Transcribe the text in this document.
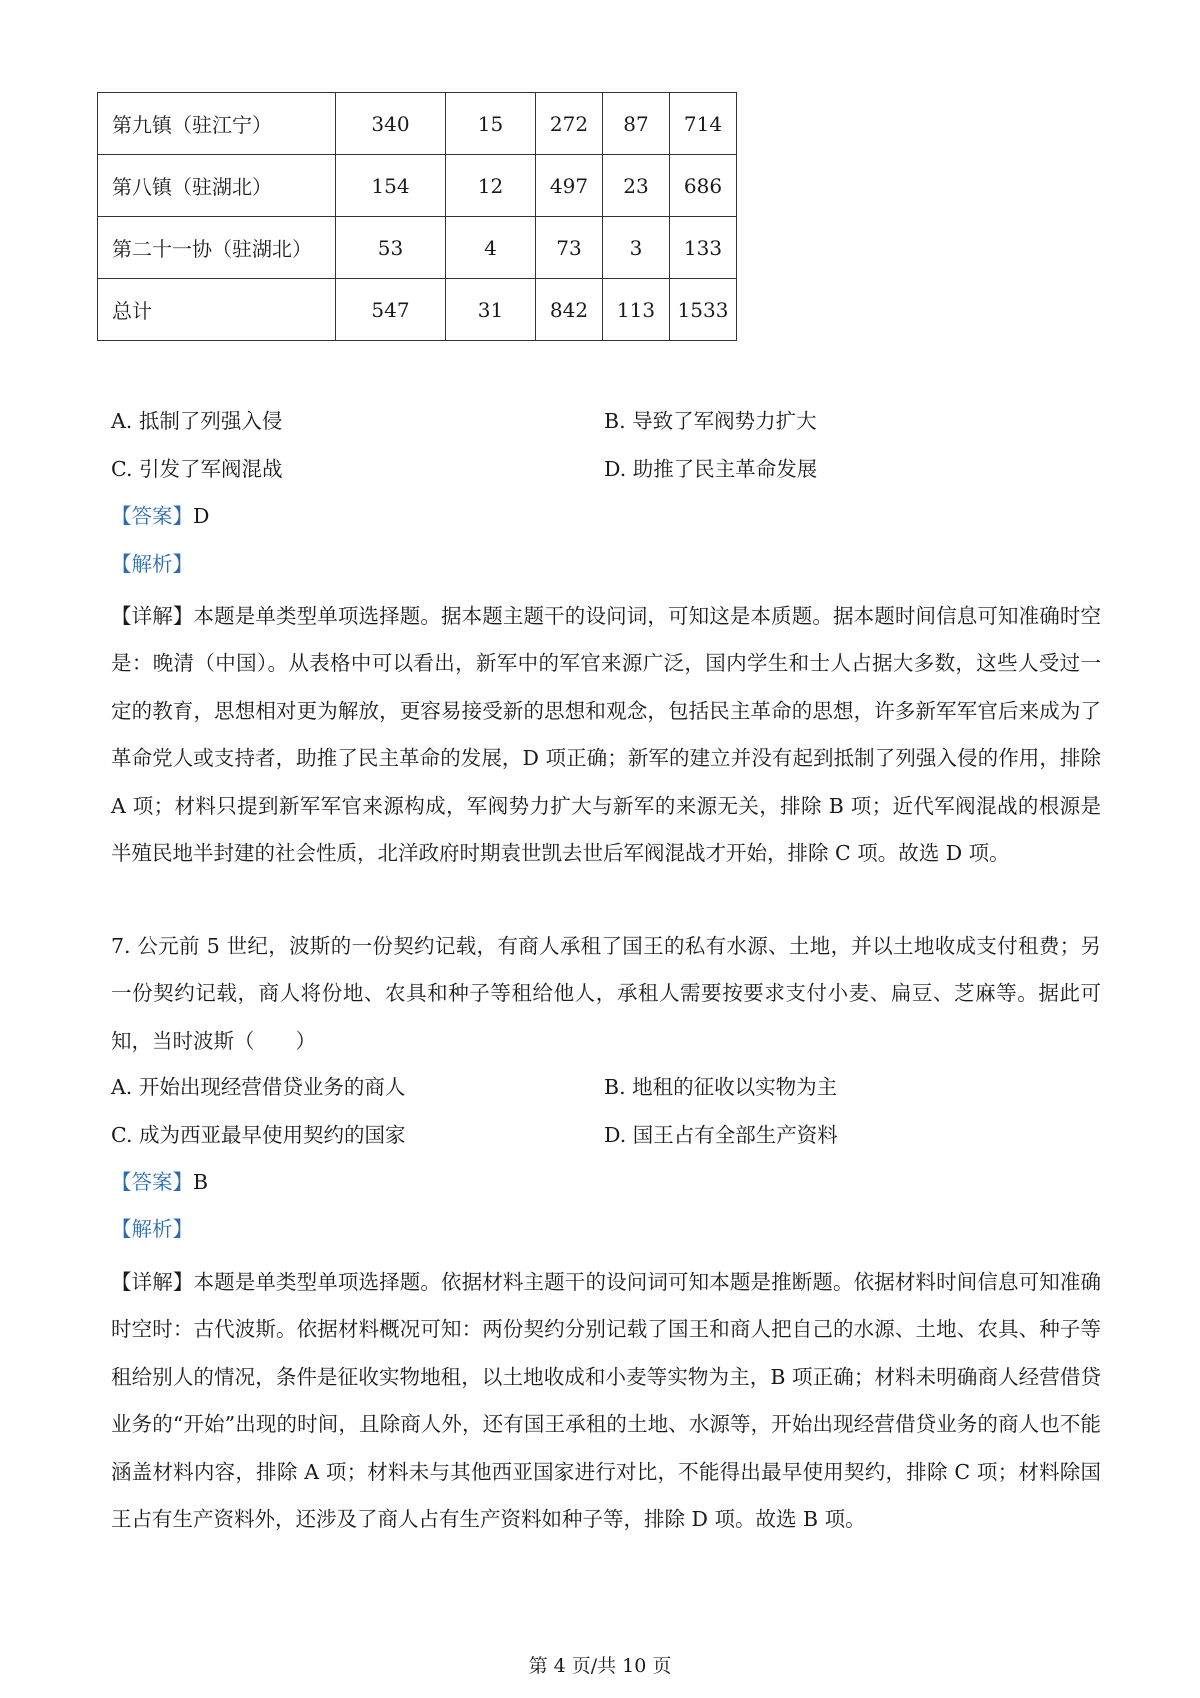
第九镇（驻江宁）	340	15	272	87	714
第八镇（驻湖北）	154	12	497	23	686
第二十一协（驻湖北）	53	4	73	3	133
总计	547	31	842	113	1533
A. 抵制了列强入侵	B. 导致了军阀势力扩大
C. 引发了军阀混战	D. 助推了民主革命发展
【答案】D
【解析】
【详解】本题是单类型单项选择题。据本题主题干的设问词，可知这是本质题。据本题时间信息可知准确时空是：晚清（中国）。从表格中可以看出，新军中的军官来源广泛，国内学生和士人占据大多数，这些人受过一定的教育，思想相对更为解放，更容易接受新的思想和观念，包括民主革命的思想，许多新军军官后来成为了革命党人或支持者，助推了民主革命的发展，D 项正确；新军的建立并没有起到抵制了列强入侵的作用，排除 A 项；材料只提到新军军官来源构成，军阀势力扩大与新军的来源无关，排除 B 项；近代军阀混战的根源是半殖民地半封建的社会性质，北洋政府时期袁世凯去世后军阀混战才开始，排除 C 项。故选 D 项。
7. 公元前 5 世纪，波斯的一份契约记载，有商人承租了国王的私有水源、土地，并以土地收成支付租费；另一份契约记载，商人将份地、农具和种子等租给他人，承租人需要按要求支付小麦、扁豆、芝麻等。据此可知，当时波斯（　　）
A. 开始出现经营借贷业务的商人	B. 地租的征收以实物为主
C. 成为西亚最早使用契约的国家	D. 国王占有全部生产资料
【答案】B
【解析】
【详解】本题是单类型单项选择题。依据材料主题干的设问词可知本题是推断题。依据材料时间信息可知准确时空时：古代波斯。依据材料概况可知：两份契约分别记载了国王和商人把自己的水源、土地、农具、种子等租给别人的情况，条件是征收实物地租，以土地收成和小麦等实物为主，B 项正确；材料未明确商人经营借贷业务的“开始”出现的时间，且除商人外，还有国王承租的土地、水源等，开始出现经营借贷业务的商人也不能涵盖材料内容，排除 A 项；材料未与其他西亚国家进行对比，不能得出最早使用契约，排除 C 项；材料除国王占有生产资料外，还涉及了商人占有生产资料如种子等，排除 D 项。故选 B 项。
第 4 页/共 10 页
